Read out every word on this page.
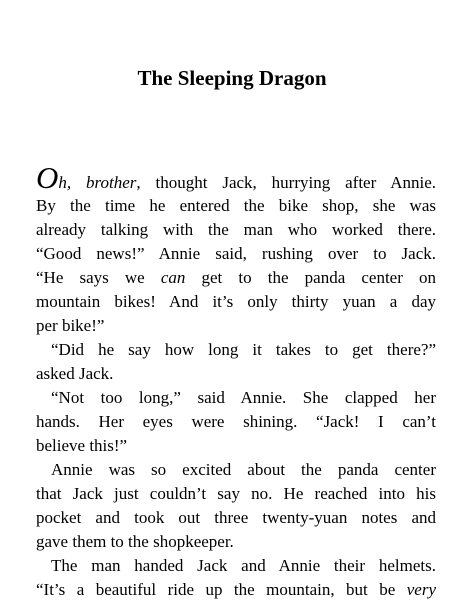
The Sleeping Dragon
Oh, brother, thought Jack, hurrying after Annie.
By the time he entered the bike shop, she was
already talking with the man who worked there.
“Good news!” Annie said, rushing over to Jack.
“He says we can get to the panda center on
mountain bikes! And it’s only thirty yuan a day
per bike!”
“Did he say how long it takes to get there?”
asked Jack.
“Not too long,” said Annie. She clapped her
hands. Her eyes were shining. “Jack! I can’t
believe this!”
Annie was so excited about the panda center
that Jack just couldn’t say no. He reached into his
pocket and took out three twenty-yuan notes and
gave them to the shopkeeper.
The man handed Jack and Annie their helmets.
“It’s a beautiful ride up the mountain, but be very
